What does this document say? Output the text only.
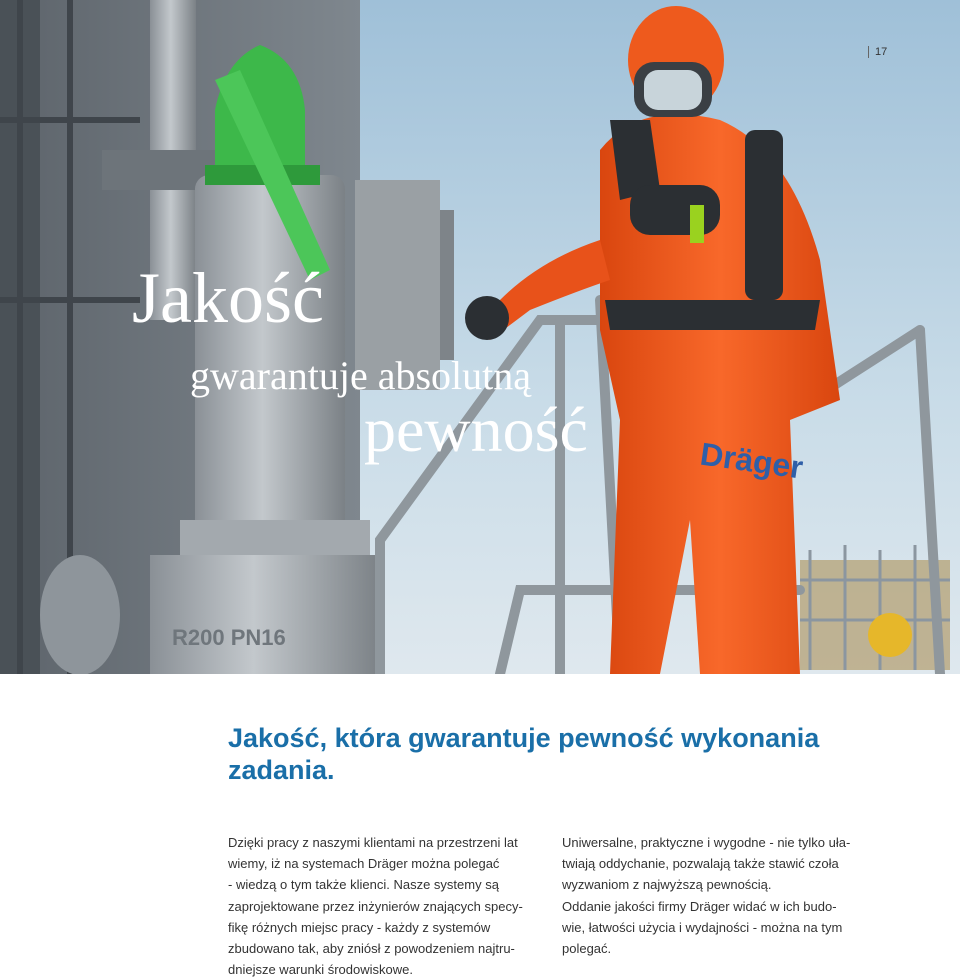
R200 PN16
Dräger
17
Jakość
gwarantuje absolutną
pewność
Jakość, która gwarantuje pewność wykonania zadania.

Dzięki pracy z naszymi klientami na przestrzeni lat

wiemy, iż na systemach Dräger można polegać

- wiedzą o tym także klienci. Nasze systemy są

zaprojektowane przez inżynierów znających specy-

fikę różnych miejsc pracy - każdy z systemów

zbudowano tak, aby zniósł z powodzeniem najtru-

dniejsze warunki środowiskowe.

Uniwersalne, praktyczne i wygodne - nie tylko uła-

twiają oddychanie, pozwalają także stawić czoła

wyzwaniom z najwyższą pewnością.

Oddanie jakości firmy Dräger widać w ich budo-

wie, łatwości użycia i wydajności - można na tym

polegać.
